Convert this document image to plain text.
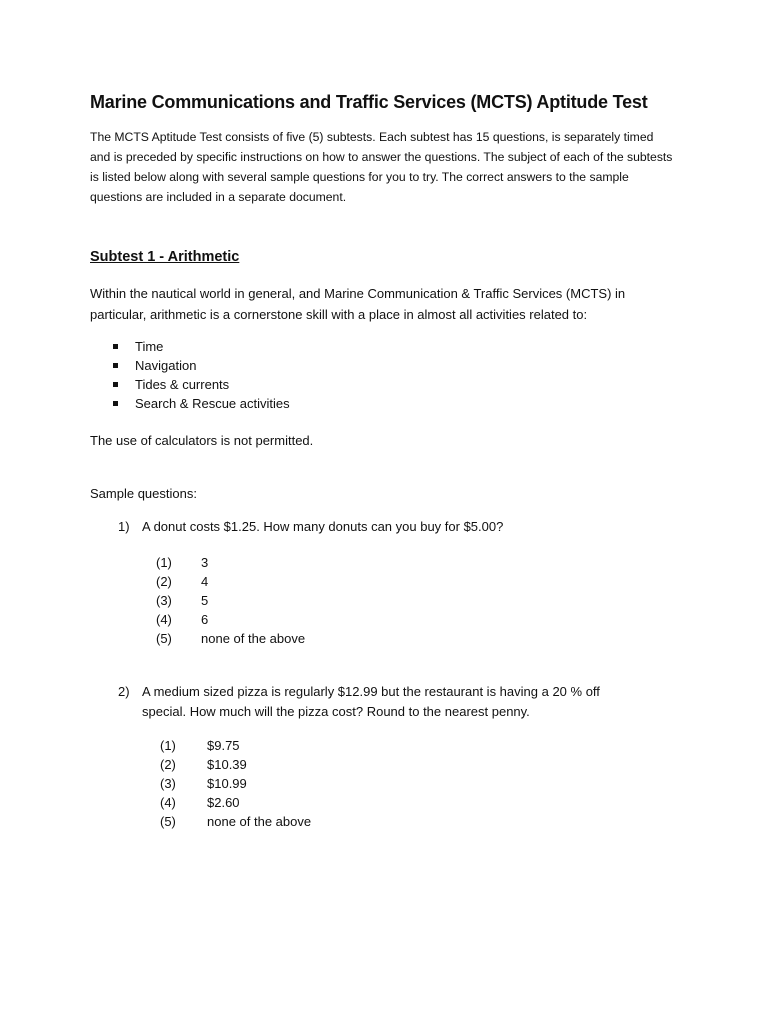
Marine Communications and Traffic Services (MCTS) Aptitude Test

The MCTS Aptitude Test consists of five (5) subtests. Each subtest has 15 questions, is separately timed and is preceded by specific instructions on how to answer the questions. The subject of each of the subtests is listed below along with several sample questions for you to try. The correct answers to the sample questions are included in a separate document.

Subtest 1 - Arithmetic

Within the nautical world in general, and Marine Communication & Traffic Services (MCTS) in particular, arithmetic is a cornerstone skill with a place in almost all activities related to:

Time
Navigation
Tides & currents
Search & Rescue activities

The use of calculators is not permitted.

Sample questions:

1) A donut costs $1.25. How many donuts can you buy for $5.00?

(1) 3
(2) 4
(3) 5
(4) 6
(5) none of the above

2) A medium sized pizza is regularly $12.99 but the restaurant is having a 20 % off special. How much will the pizza cost? Round to the nearest penny.

(1) $9.75
(2) $10.39
(3) $10.99
(4) $2.60
(5) none of the above
